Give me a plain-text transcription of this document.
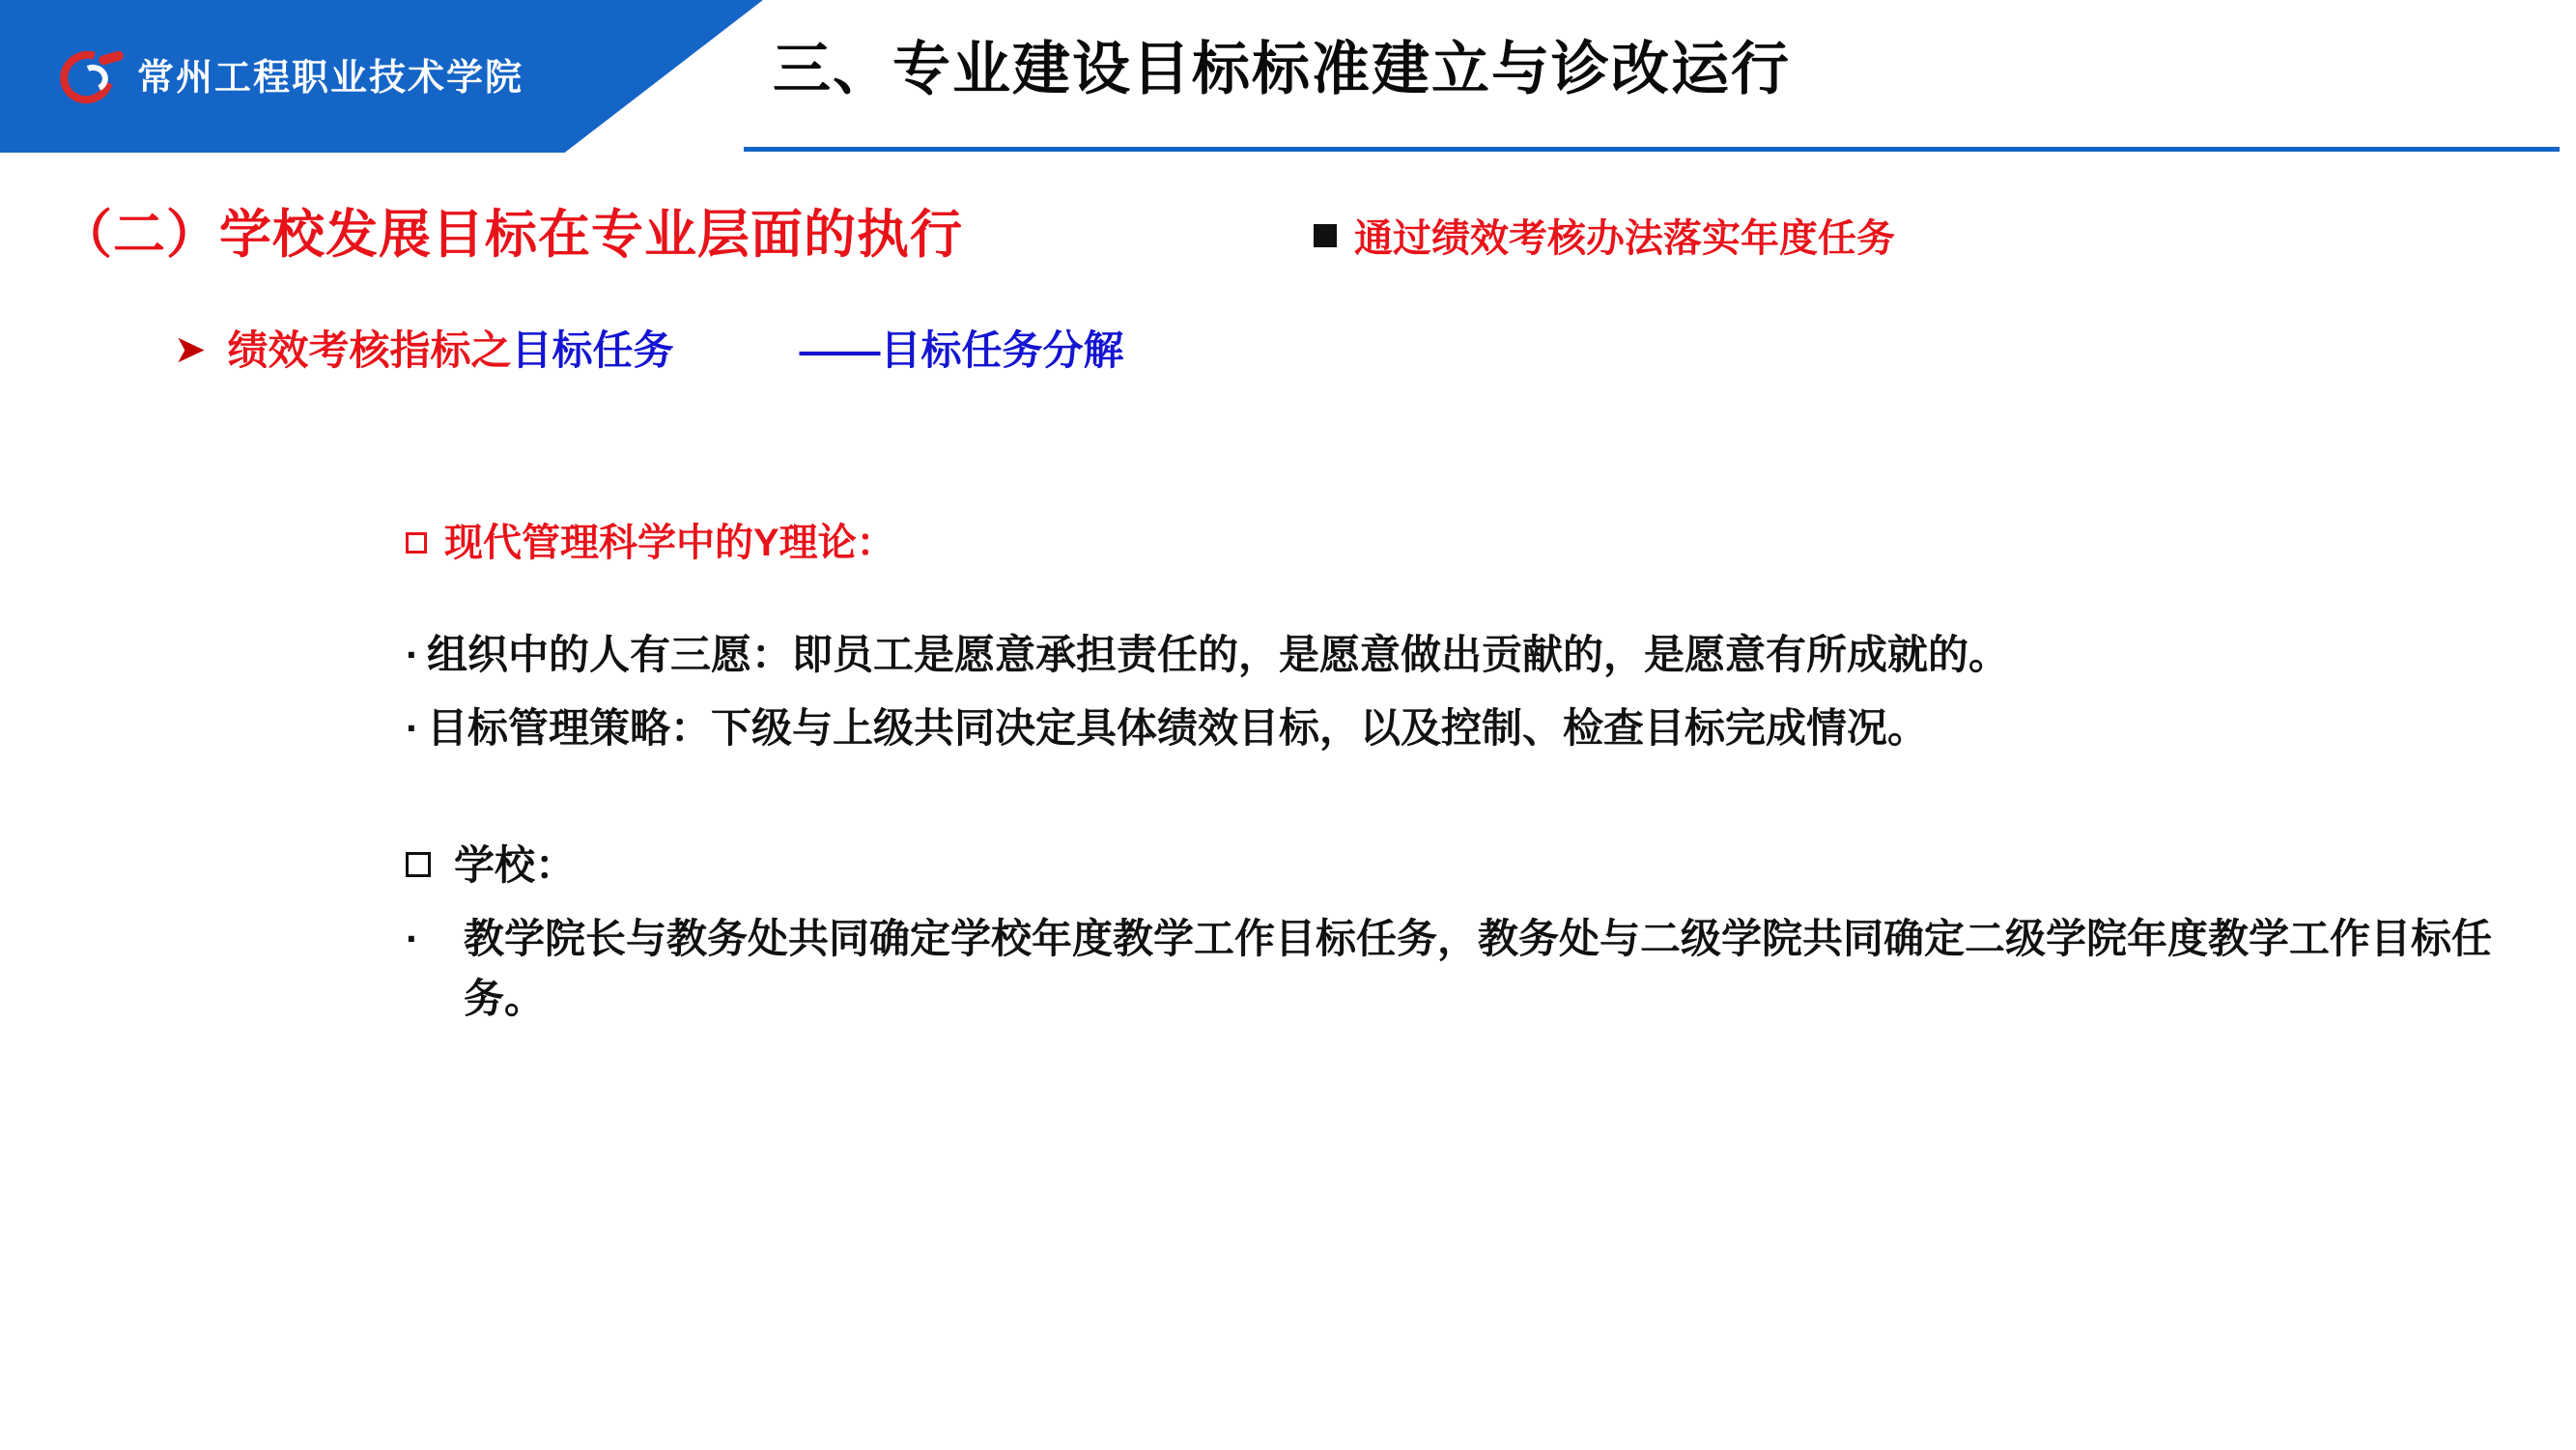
常州工程职业技术学院	三、专业建设目标标准建立与诊改运行
（二）学校发展目标在专业层面的执行	通过绩效考核办法落实年度任务
➤ 绩效考核指标之 目标任务	——目标任务分解
现代管理科学中的Y理论：
· 组织中的人有三愿：即员工是愿意承担责任的，是愿意做出贡献的，是愿意有所成就的。
· 目标管理策略：下级与上级共同决定具体绩效目标，以及控制、检查目标完成情况。
学校：
·	教学院长与教务处共同确定学校年度教学工作目标任务，教务处与二级学院共同确定二级学院年度教学工作目标任务。
